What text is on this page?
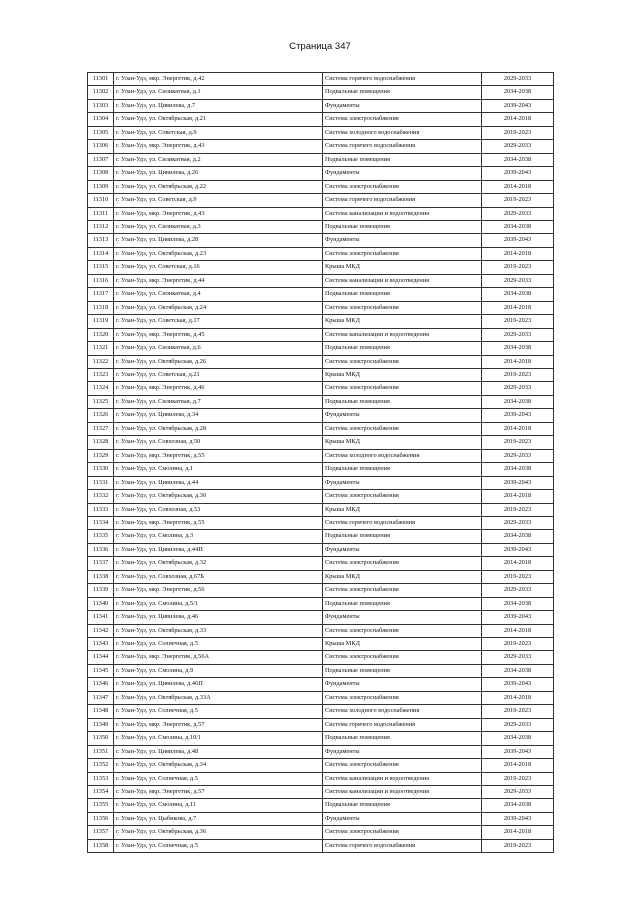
Страница 347
11301	г. Улан-Удэ, мкр. Энергетик, д.42	Система горячего водоснабжения	2029-2033
11302	г. Улан-Удэ, ул. Силикатная, д.1	Подвальные помещения	2034-2038
11303	г. Улан-Удэ, ул. Цивилева, д.7	Фундаменты	2039-2043
11304	г. Улан-Удэ, ул. Октябрьская, д.21	Система электроснабжения	2014-2018
11305	г. Улан-Удэ, ул. Советская, д.9	Система холодного водоснабжения	2019-2023
11306	г. Улан-Удэ, мкр. Энергетик, д.43	Система горячего водоснабжения	2029-2033
11307	г. Улан-Удэ, ул. Силикатная, д.2	Подвальные помещения	2034-2038
11308	г. Улан-Удэ, ул. Цивилева, д.26	Фундаменты	2039-2043
11309	г. Улан-Удэ, ул. Октябрьская, д.22	Система электроснабжения	2014-2018
11310	г. Улан-Удэ, ул. Советская, д.9	Система горячего водоснабжения	2019-2023
11311	г. Улан-Удэ, мкр. Энергетик, д.43	Система канализации и водоотведения	2029-2033
11312	г. Улан-Удэ, ул. Силикатная, д.3	Подвальные помещения	2034-2038
11313	г. Улан-Удэ, ул. Цивилева, д.28	Фундаменты	2039-2043
11314	г. Улан-Удэ, ул. Октябрьская, д.23	Система электроснабжения	2014-2018
11315	г. Улан-Удэ, ул. Советская, д.16	Крыша МКД	2019-2023
11316	г. Улан-Удэ, мкр. Энергетик, д.44	Система канализации и водоотведения	2029-2033
11317	г. Улан-Удэ, ул. Силикатная, д.4	Подвальные помещения	2034-2038
11318	г. Улан-Удэ, ул. Октябрьская, д.24	Система электроснабжения	2014-2018
11319	г. Улан-Удэ, ул. Советская, д.17	Крыша МКД	2019-2023
11320	г. Улан-Удэ, мкр. Энергетик, д.45	Система канализации и водоотведения	2029-2033
11321	г. Улан-Удэ, ул. Силикатная, д.6	Подвальные помещения	2034-2038
11322	г. Улан-Удэ, ул. Октябрьская, д.26	Система электроснабжения	2014-2018
11323	г. Улан-Удэ, ул. Советская, д.21	Крыша МКД	2019-2023
11324	г. Улан-Удэ, мкр. Энергетик, д.46	Система электроснабжения	2029-2033
11325	г. Улан-Удэ, ул. Силикатная, д.7	Подвальные помещения	2034-2038
11326	г. Улан-Удэ, ул. Цивилева, д.34	Фундаменты	2039-2043
11327	г. Улан-Удэ, ул. Октябрьская, д.28	Система электроснабжения	2014-2018
11328	г. Улан-Удэ, ул. Совхозная, д.50	Крыша МКД	2019-2023
11329	г. Улан-Удэ, мкр. Энергетик, д.55	Система холодного водоснабжения	2029-2033
11330	г. Улан-Удэ, ул. Смолина, д.1	Подвальные помещения	2034-2038
11331	г. Улан-Удэ, ул. Цивилева, д.44	Фундаменты	2039-2043
11332	г. Улан-Удэ, ул. Октябрьская, д.30	Система электроснабжения	2014-2018
11333	г. Улан-Удэ, ул. Совхозная, д.53	Крыша МКД	2019-2023
11334	г. Улан-Удэ, мкр. Энергетик, д.55	Система горячего водоснабжения	2029-2033
11335	г. Улан-Удэ, ул. Смолина, д.3	Подвальные помещения	2034-2038
11336	г. Улан-Удэ, ул. Цивилева, д.44П	Фундаменты	2039-2043
11337	г. Улан-Удэ, ул. Октябрьская, д.32	Система электроснабжения	2014-2018
11338	г. Улан-Удэ, ул. Совхозная, д.67Б	Крыша МКД	2019-2023
11339	г. Улан-Удэ, мкр. Энергетик, д.56	Система электроснабжения	2029-2033
11340	г. Улан-Удэ, ул. Смолина, д.5/1	Подвальные помещения	2034-2038
11341	г. Улан-Удэ, ул. Цивилева, д.46	Фундаменты	2039-2043
11342	г. Улан-Удэ, ул. Октябрьская, д.33	Система электроснабжения	2014-2018
11343	г. Улан-Удэ, ул. Солнечная, д.5	Крыша МКД	2019-2023
11344	г. Улан-Удэ, мкр. Энергетик, д.56А	Система электроснабжения	2029-2033
11345	г. Улан-Удэ, ул. Смолина, д.9	Подвальные помещения	2034-2038
11346	г. Улан-Удэ, ул. Цивилева, д.46П	Фундаменты	2039-2043
11347	г. Улан-Удэ, ул. Октябрьская, д.33А	Система электроснабжения	2014-2018
11348	г. Улан-Удэ, ул. Солнечная, д.5	Система холодного водоснабжения	2019-2023
11349	г. Улан-Удэ, мкр. Энергетик, д.57	Система горячего водоснабжения	2029-2033
11350	г. Улан-Удэ, ул. Смолина, д.10/1	Подвальные помещения	2034-2038
11351	г. Улан-Удэ, ул. Цивилева, д.48	Фундаменты	2039-2043
11352	г. Улан-Удэ, ул. Октябрьская, д.34	Система электроснабжения	2014-2018
11353	г. Улан-Удэ, ул. Солнечная, д.5	Система канализации и водоотведения	2019-2023
11354	г. Улан-Удэ, мкр. Энергетик, д.57	Система канализации и водоотведения	2029-2033
11355	г. Улан-Удэ, ул. Смолина, д.11	Подвальные помещения	2034-2038
11356	г. Улан-Удэ, ул. Цыбикова, д.7	Фундаменты	2039-2043
11357	г. Улан-Удэ, ул. Октябрьская, д.36	Система электроснабжения	2014-2018
11358	г. Улан-Удэ, ул. Солнечная, д.5	Система горячего водоснабжения	2019-2023
